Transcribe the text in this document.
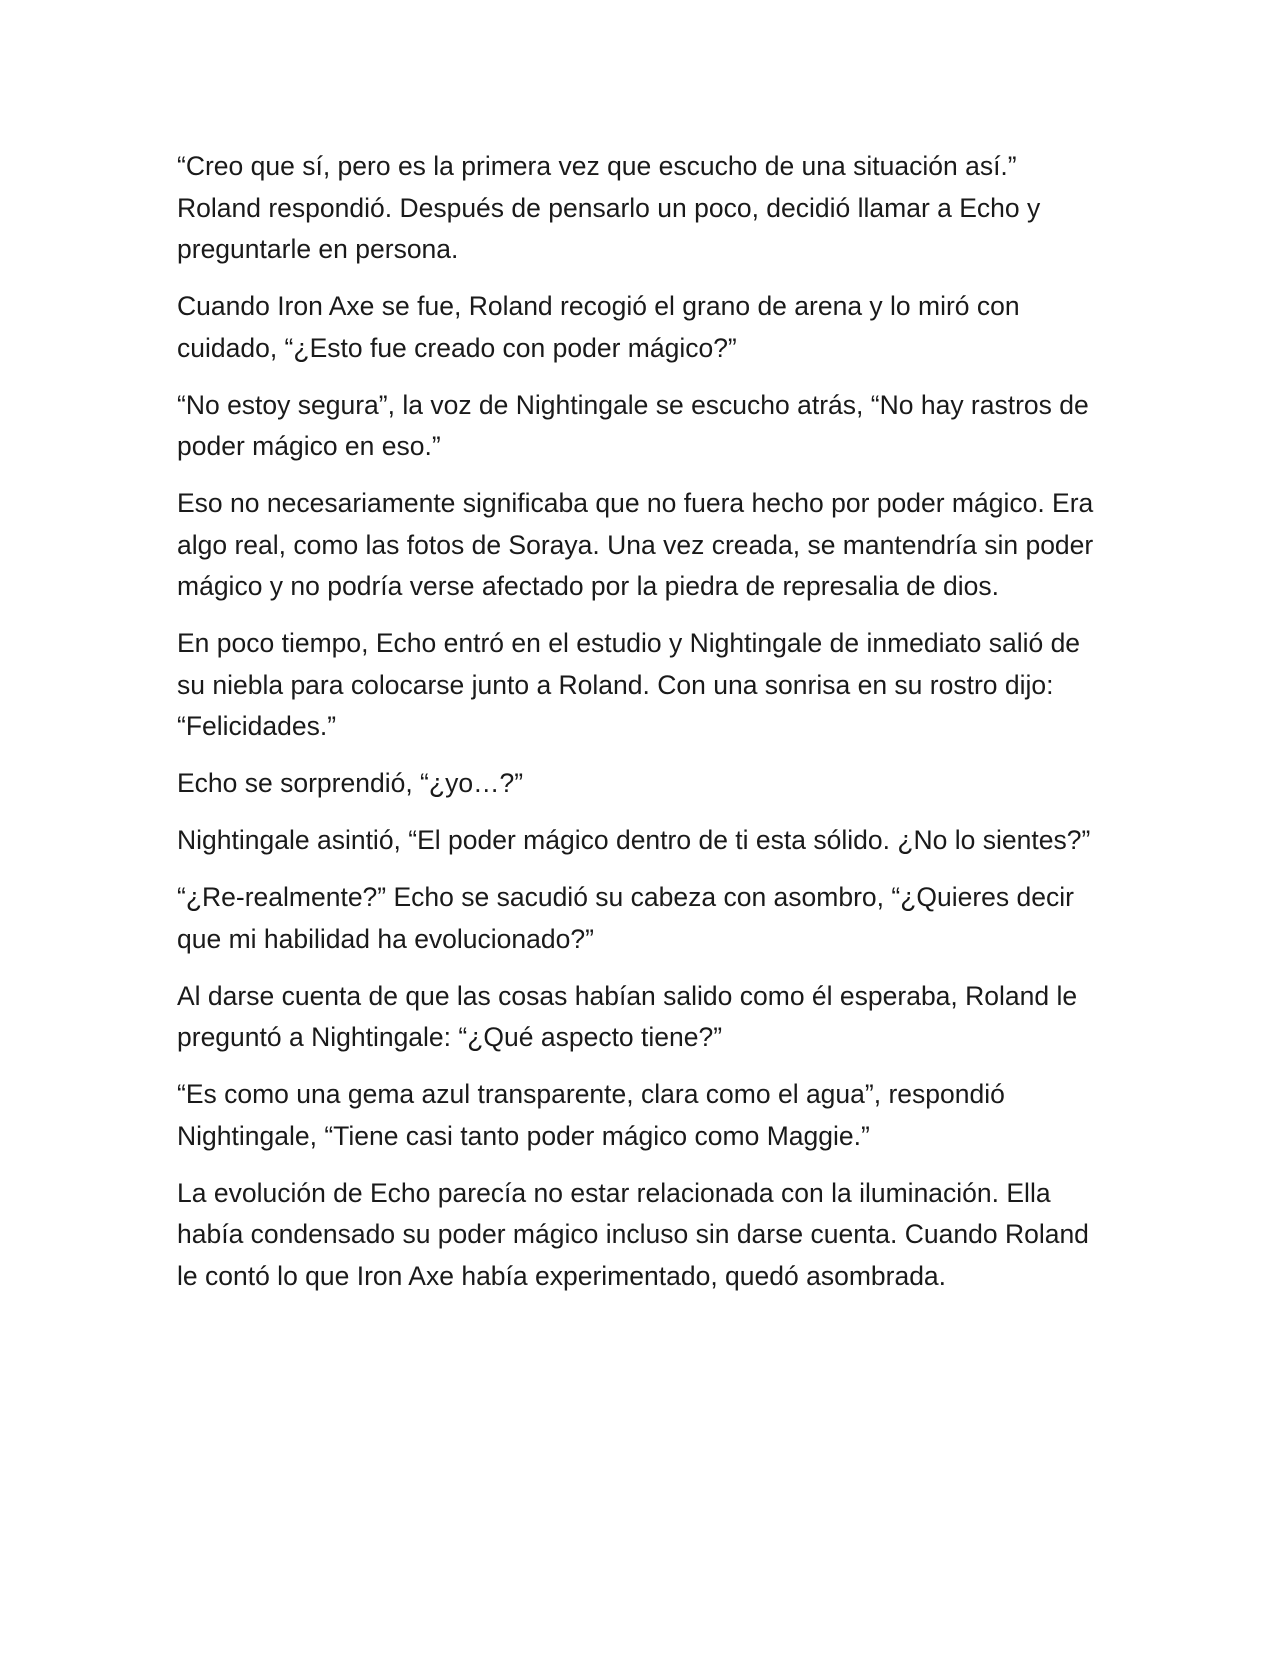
“Creo que sí, pero es la primera vez que escucho de una situación así.” Roland respondió. Después de pensarlo un poco, decidió llamar a Echo y preguntarle en persona.

Cuando Iron Axe se fue, Roland recogió el grano de arena y lo miró con cuidado, “¿Esto fue creado con poder mágico?”

“No estoy segura”, la voz de Nightingale se escucho atrás, “No hay rastros de poder mágico en eso.”

Eso no necesariamente significaba que no fuera hecho por poder mágico. Era algo real, como las fotos de Soraya. Una vez creada, se mantendría sin poder mágico y no podría verse afectado por la piedra de represalia de dios.

En poco tiempo, Echo entró en el estudio y Nightingale de inmediato salió de su niebla para colocarse junto a Roland. Con una sonrisa en su rostro dijo: “Felicidades.”

Echo se sorprendió, “¿yo…?”

Nightingale asintió, “El poder mágico dentro de ti esta sólido. ¿No lo sientes?”

“¿Re-realmente?” Echo se sacudió su cabeza con asombro, “¿Quieres decir que mi habilidad ha evolucionado?”

Al darse cuenta de que las cosas habían salido como él esperaba, Roland le preguntó a Nightingale: “¿Qué aspecto tiene?”

“Es como una gema azul transparente, clara como el agua”, respondió Nightingale, “Tiene casi tanto poder mágico como Maggie.”

La evolución de Echo parecía no estar relacionada con la iluminación. Ella había condensado su poder mágico incluso sin darse cuenta. Cuando Roland le contó lo que Iron Axe había experimentado, quedó asombrada.
